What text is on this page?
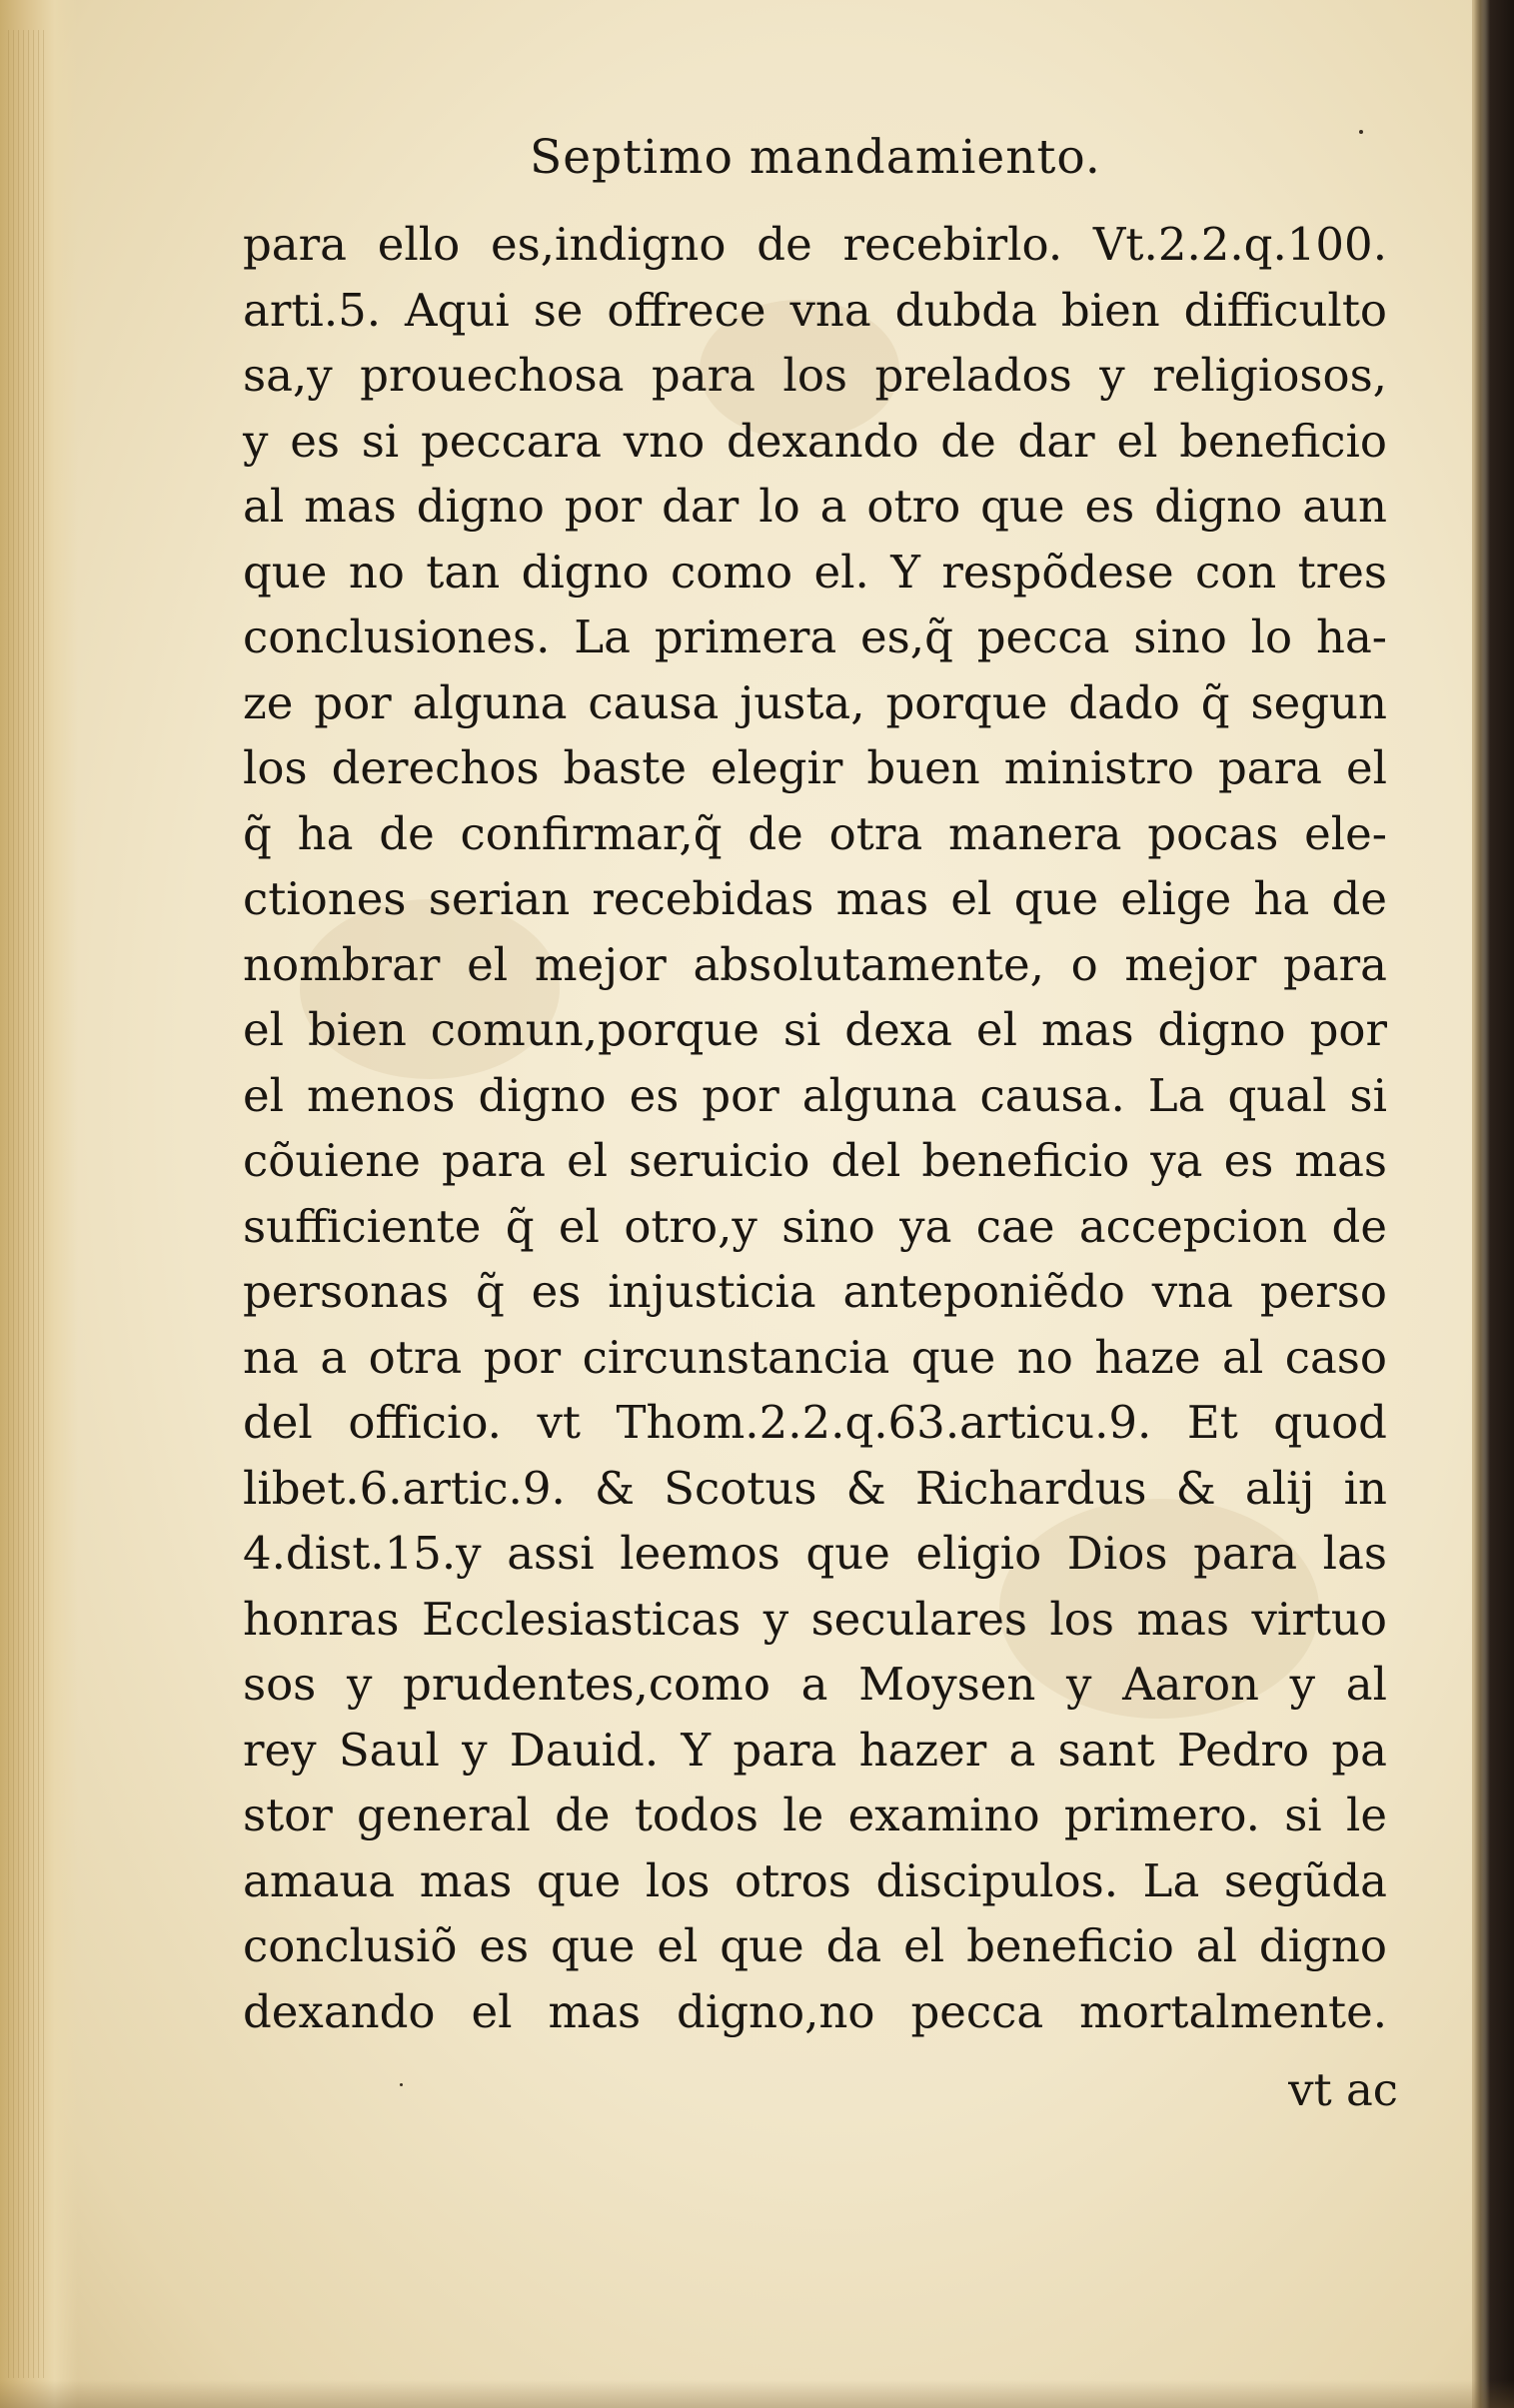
Septimo mandamiento.
para ello es,indigno de recebirlo. Vt.2.2.q.100.
arti.5. Aqui se offrece vna dubda bien difficulto
sa,y prouechosa para los prelados y religiosos,
y es si peccara vno dexando de dar el beneficio
al mas digno por dar lo a otro que es digno aun
que no tan digno como el. Y respõdese con tres
conclusiones. La primera es,q̃ pecca sino lo ha-
ze por alguna causa justa, porque dado q̃ segun
los derechos baste elegir buen ministro para el
q̃ ha de confirmar,q̃ de otra manera pocas ele-
ctiones serian recebidas mas el que elige ha de
nombrar el mejor absolutamente, o mejor para
el bien comun,porque si dexa el mas digno por
el menos digno es por alguna causa. La qual si
cõuiene para el seruicio del beneficio ya es mas
sufficiente q̃ el otro,y sino ya cae accepcion de
personas q̃ es injusticia anteponiẽdo vna perso
na a otra por circunstancia que no haze al caso
del officio. vt Thom.2.2.q.63.articu.9. Et quod
libet.6.artic.9. & Scotus & Richardus & alij in
4.dist.15.y assi leemos que eligio Dios para las
honras Ecclesiasticas y seculares los mas virtuo
sos y prudentes,como a Moysen y Aaron y al
rey Saul y Dauid. Y para hazer a sant Pedro pa
stor general de todos le examino primero. si le
amaua mas que los otros discipulos. La segũda
conclusiõ es que el que da el beneficio al digno
dexando el mas digno,no pecca mortalmente.
vt ac
